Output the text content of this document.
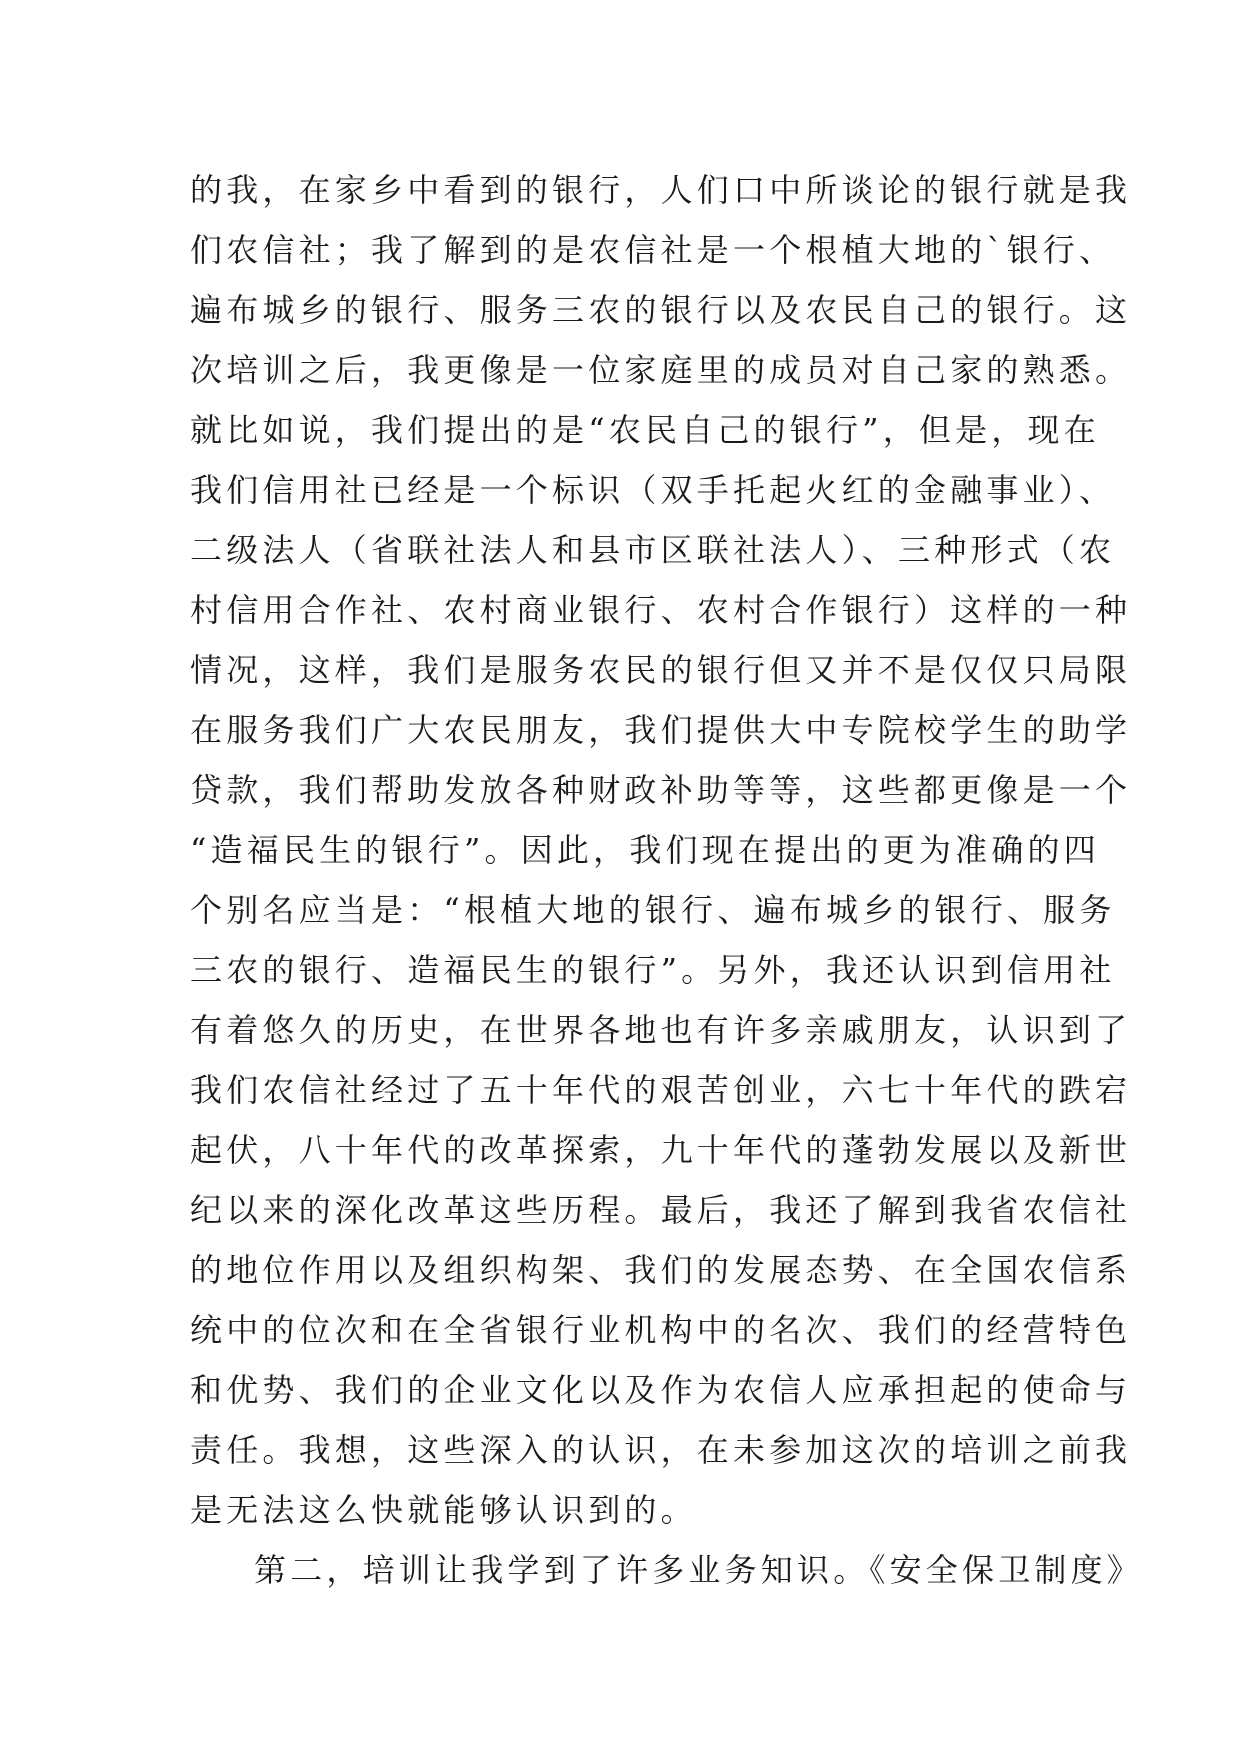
的我，在家乡中看到的银行，人们口中所谈论的银行就是我
们农信社；我了解到的是农信社是一个根植大地的`银行、
遍布城乡的银行、服务三农的银行以及农民自己的银行。这
次培训之后，我更像是一位家庭里的成员对自己家的熟悉。
就比如说，我们提出的是“农民自己的银行”，但是，现在
我们信用社已经是一个标识（双手托起火红的金融事业）、
二级法人（省联社法人和县市区联社法人）、三种形式（农
村信用合作社、农村商业银行、农村合作银行）这样的一种
情况，这样，我们是服务农民的银行但又并不是仅仅只局限
在服务我们广大农民朋友，我们提供大中专院校学生的助学
贷款，我们帮助发放各种财政补助等等，这些都更像是一个
“造福民生的银行”。因此，我们现在提出的更为准确的四
个别名应当是：“根植大地的银行、遍布城乡的银行、服务
三农的银行、造福民生的银行”。另外，我还认识到信用社
有着悠久的历史，在世界各地也有许多亲戚朋友，认识到了
我们农信社经过了五十年代的艰苦创业，六七十年代的跌宕
起伏，八十年代的改革探索，九十年代的蓬勃发展以及新世
纪以来的深化改革这些历程。最后，我还了解到我省农信社
的地位作用以及组织构架、我们的发展态势、在全国农信系
统中的位次和在全省银行业机构中的名次、我们的经营特色
和优势、我们的企业文化以及作为农信人应承担起的使命与
责任。我想，这些深入的认识，在未参加这次的培训之前我
是无法这么快就能够认识到的。
第二，培训让我学到了许多业务知识。《安全保卫制度》
